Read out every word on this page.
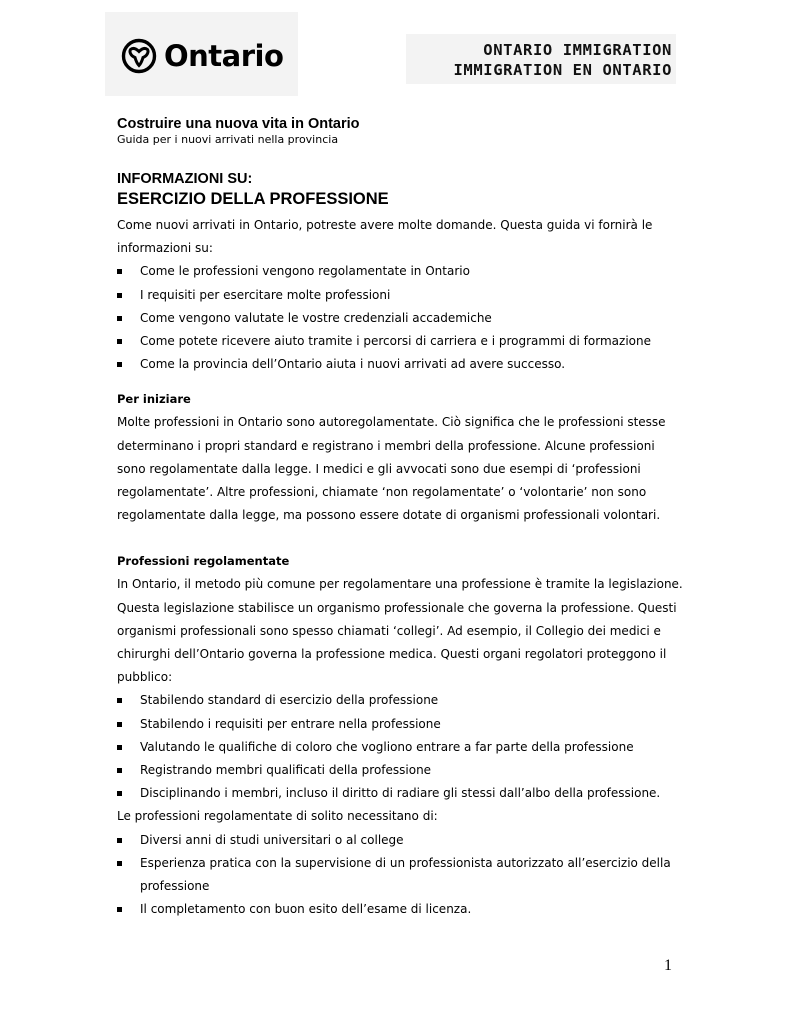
Ontario	ONTARIO IMMIGRATION
IMMIGRATION EN ONTARIO
Costruire una nuova vita in Ontario
Guida per i nuovi arrivati nella provincia
INFORMAZIONI SU:
ESERCIZIO DELLA PROFESSIONE

Come nuovi arrivati in Ontario, potreste avere molte domande. Questa guida vi fornirà le informazioni su:

Come le professioni vengono regolamentate in Ontario
I requisiti per esercitare molte professioni
Come vengono valutate le vostre credenziali accademiche
Come potete ricevere aiuto tramite i percorsi di carriera e i programmi di formazione
Come la provincia dell’Ontario aiuta i nuovi arrivati ad avere successo.
Per iniziare

Molte professioni in Ontario sono autoregolamentate. Ciò significa che le professioni stesse determinano i propri standard e registrano i membri della professione. Alcune professioni sono regolamentate dalla legge. I medici e gli avvocati sono due esempi di ‘professioni regolamentate’. Altre professioni, chiamate ‘non regolamentate’ o ‘volontarie’ non sono regolamentate dalla legge, ma possono essere dotate di organismi professionali volontari.

Professioni regolamentate

In Ontario, il metodo più comune per regolamentare una professione è tramite la legislazione. Questa legislazione stabilisce un organismo professionale che governa la professione. Questi organismi professionali sono spesso chiamati ‘collegi’. Ad esempio, il Collegio dei medici e chirurghi dell’Ontario governa la professione medica. Questi organi regolatori proteggono il pubblico:

Stabilendo standard di esercizio della professione
Stabilendo i requisiti per entrare nella professione
Valutando le qualifiche di coloro che vogliono entrare a far parte della professione
Registrando membri qualificati della professione
Disciplinando i membri, incluso il diritto di radiare gli stessi dall’albo della professione.

Le professioni regolamentate di solito necessitano di:

Diversi anni di studi universitari o al college
Esperienza pratica con la supervisione di un professionista autorizzato all’esercizio della professione
Il completamento con buon esito dell’esame di licenza.
1
